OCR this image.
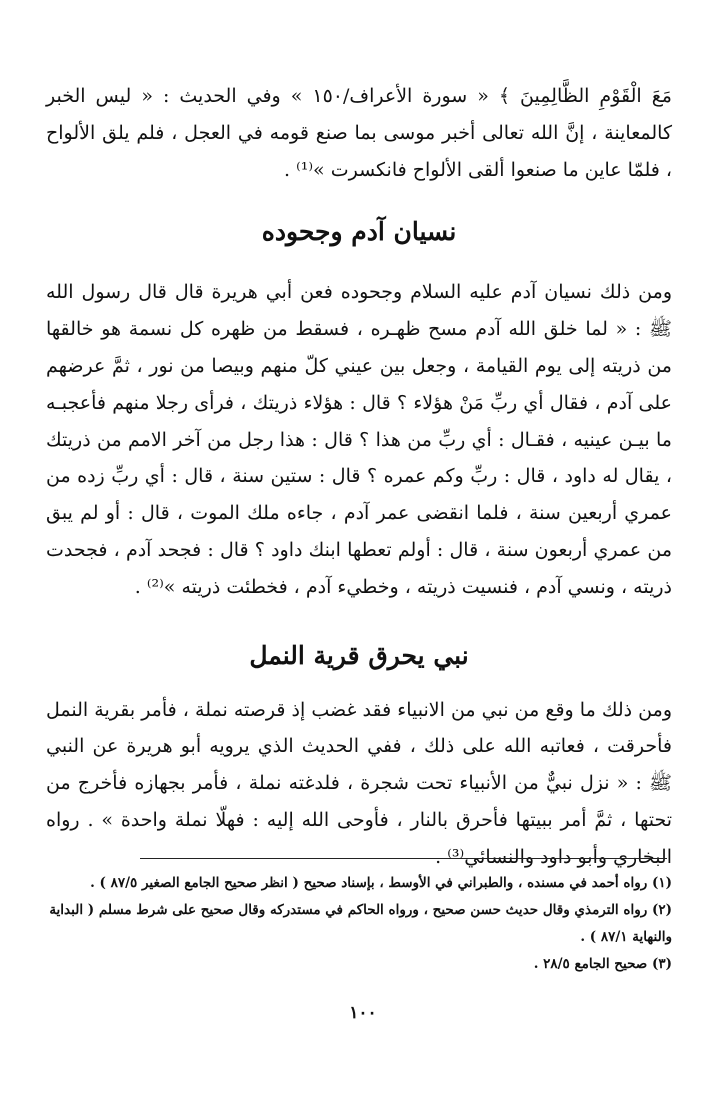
مَعَ الْقَوْمِ الظَّالِمِينَ ﴾ « سورة الأعراف/١٥٠ » وفي الحديث : « ليس الخبر كالمعاينة ، إنَّ الله تعالى أخبر موسى بما صنع قومه في العجل ، فلم يلق الألواح ، فلمّا عاين ما صنعوا ألقى الألواح فانكسرت »⁽¹⁾ .

نسيان آدم وجحوده

ومن ذلك نسيان آدم عليه السلام وجحوده فعن أبي هريرة قال قال رسول الله ﷺ : « لما خلق الله آدم مسح ظهـره ، فسقط من ظهره كل نسمة هو خالقها من ذريته إلى يوم القيامة ، وجعل بين عيني كلّ منهم وبيصا من نور ، ثمَّ عرضهم على آدم ، فقال أي ربِّ مَنْ هؤلاء ؟ قال : هؤلاء ذريتك ، فرأى رجلا منهم فأعجبـه ما بيـن عينيه ، فقـال : أي ربِّ من هذا ؟ قال : هذا رجل من آخر الامم من ذريتك ، يقال له داود ، قال : ربِّ وكم عمره ؟ قال : ستين سنة ، قال : أي ربِّ زده من عمري أربعين سنة ، فلما انقضى عمر آدم ، جاءه ملك الموت ، قال : أو لم يبق من عمري أربعون سنة ، قال : أولم تعطها ابنك داود ؟ قال : فجحد آدم ، فجحدت ذريته ، ونسي آدم ، فنسيت ذريته ، وخطيء آدم ، فخطئت ذريته »⁽²⁾ .

نبي يحرق قرية النمل

ومن ذلك ما وقع من نبي من الانبياء فقد غضب إذ قرصته نملة ، فأمر بقرية النمل فأحرقت ، فعاتبه الله على ذلك ، ففي الحديث الذي يرويه أبو هريرة عن النبي ﷺ : « نزل نبيٌّ من الأنبياء تحت شجرة ، فلدغته نملة ، فأمر بجهازه فأخرج من تحتها ، ثمَّ أمر ببيتها فأحرق بالنار ، فأوحى الله إليه : فهلّا نملة واحدة » . رواه البخاري وأبو داود والنسائي⁽³⁾ .

(١) رواه أحمد في مسنده ، والطبراني في الأوسط ، بإسناد صحيح ( انظر صحيح الجامع الصغير ٨٧/٥ ) .

(٢) رواه الترمذي وقال حديث حسن صحيح ، ورواه الحاكم في مستدركه وقال صحيح على شرط مسلم ( البداية والنهاية ٨٧/١ ) .

(٣) صحيح الجامع ٢٨/٥ .

١٠٠
